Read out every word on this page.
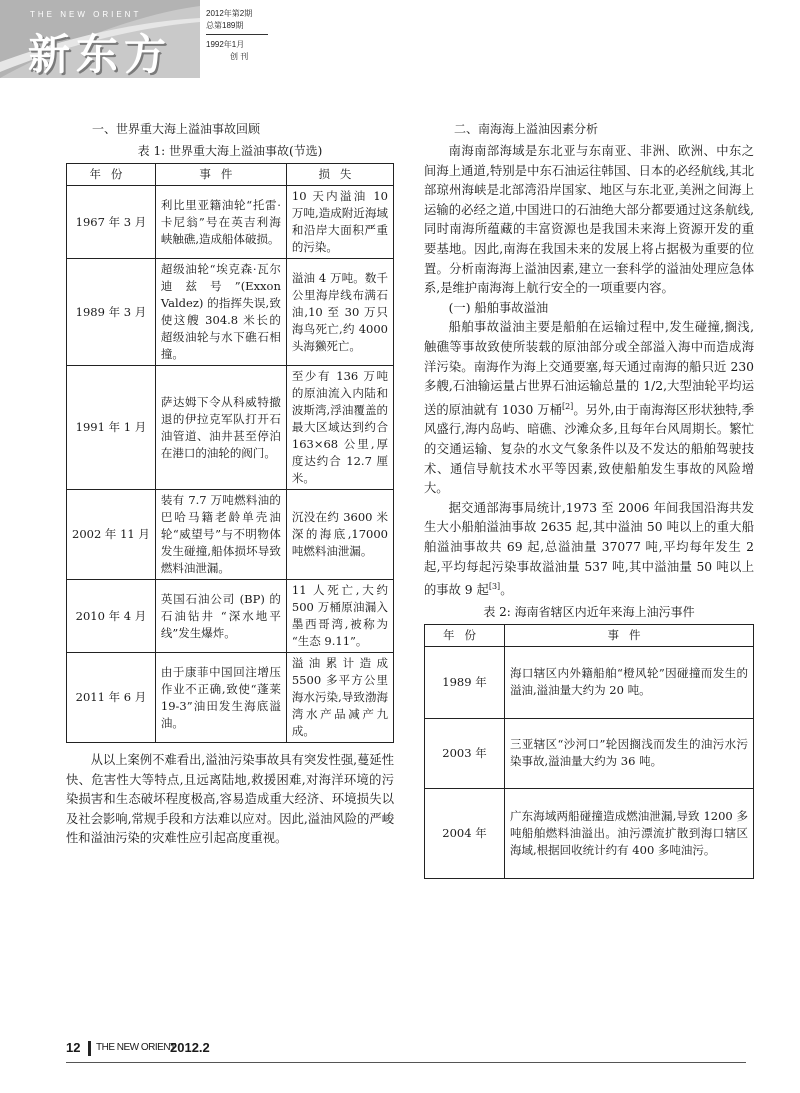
THE NEW ORIENT
新东方
2012年第2期
总第189期
1992年1月
创 刊
一、世界重大海上溢油事故回顾
表 1: 世界重大海上溢油事故(节选)
年份	事件	损失
1967 年 3 月	利比里亚籍油轮“托雷·卡尼翁”号在英吉利海峡触礁,造成船体破损。	10 天内溢油 10 万吨,造成附近海域和沿岸大面积严重的污染。
1989 年 3 月	超级油轮“埃克森·瓦尔迪兹号”(Exxon Valdez) 的指挥失误,致使这艘 304.8 米长的超级油轮与水下礁石相撞。	溢油 4 万吨。数千公里海岸线布满石油,10 至 30 万只海鸟死亡,约 4000 头海獭死亡。
1991 年 1 月	萨达姆下令从科威特撤退的伊拉克军队打开石油管道、油井甚至停泊在港口的油轮的阀门。	至少有 136 万吨的原油流入内陆和波斯湾,浮油覆盖的最大区域达到约合 163×68 公里,厚度达约合 12.7 厘米。
2002 年 11 月	装有 7.7 万吨燃料油的巴哈马籍老龄单壳油轮“威望号”与不明物体发生碰撞,船体损坏导致燃料油泄漏。	沉没在约 3600 米深的海底,17000 吨燃料油泄漏。
2010 年 4 月	英国石油公司 (BP) 的石油钻井 “深水地平线”发生爆炸。	11 人死亡,大约 500 万桶原油漏入墨西哥湾,被称为 “生态 9.11”。
2011 年 6 月	由于康菲中国回注增压作业不正确,致使“蓬莱 19-3”油田发生海底溢油。	溢油累计造成 5500 多平方公里海水污染,导致渤海湾水产品减产九成。

从以上案例不难看出,溢油污染事故具有突发性强,蔓延性快、危害性大等特点,且远离陆地,救援困难,对海洋环境的污染损害和生态破坏程度极高,容易造成重大经济、环境损失以及社会影响,常规手段和方法难以应对。因此,溢油风险的严峻性和溢油污染的灾难性应引起高度重视。

二、南海海上溢油因素分析

南海南部海域是东北亚与东南亚、非洲、欧洲、中东之间海上通道,特别是中东石油运往韩国、日本的必经航线,其北部琼州海峡是北部湾沿岸国家、地区与东北亚,美洲之间海上运输的必经之道,中国进口的石油绝大部分都要通过这条航线,同时南海所蕴藏的丰富资源也是我国未来海上资源开发的重要基地。因此,南海在我国未来的发展上将占据极为重要的位置。分析南海海上溢油因素,建立一套科学的溢油处理应急体系,是维护南海海上航行安全的一项重要内容。

(一) 船舶事故溢油

船舶事故溢油主要是船舶在运输过程中,发生碰撞,搁浅,触礁等事故致使所装载的原油部分或全部溢入海中而造成海洋污染。南海作为海上交通要塞,每天通过南海的船只近 230 多艘,石油输运量占世界石油运输总量的 1/2,大型油轮平均运送的原油就有 1030 万桶[2]。另外,由于南海海区形状独特,季风盛行,海内岛屿、暗礁、沙滩众多,且每年台风周期长。繁忙的交通运输、复杂的水文气象条件以及不发达的船舶驾驶技术、通信导航技术水平等因素,致使船舶发生事故的风险增大。

据交通部海事局统计,1973 至 2006 年间我国沿海共发生大小船舶溢油事故 2635 起,其中溢油 50 吨以上的重大船舶溢油事故共 69 起,总溢油量 37077 吨,平均每年发生 2 起,平均每起污染事故溢油量 537 吨,其中溢油量 50 吨以上的事故 9 起[3]。

表 2: 海南省辖区内近年来海上油污事件
年份	事件
1989 年	海口辖区内外籍船舶“橙风轮”因碰撞而发生的溢油,溢油量大约为 20 吨。
2003 年	三亚辖区“沙河口”轮因搁浅而发生的油污水污染事故,溢油量大约为 36 吨。
2004 年	广东海域两船碰撞造成燃油泄漏,导致 1200 多吨船舶燃料油溢出。油污漂流扩散到海口辖区海域,根据回收统计约有 400 多吨油污。
12 THE NEW ORIENT
2012.2
